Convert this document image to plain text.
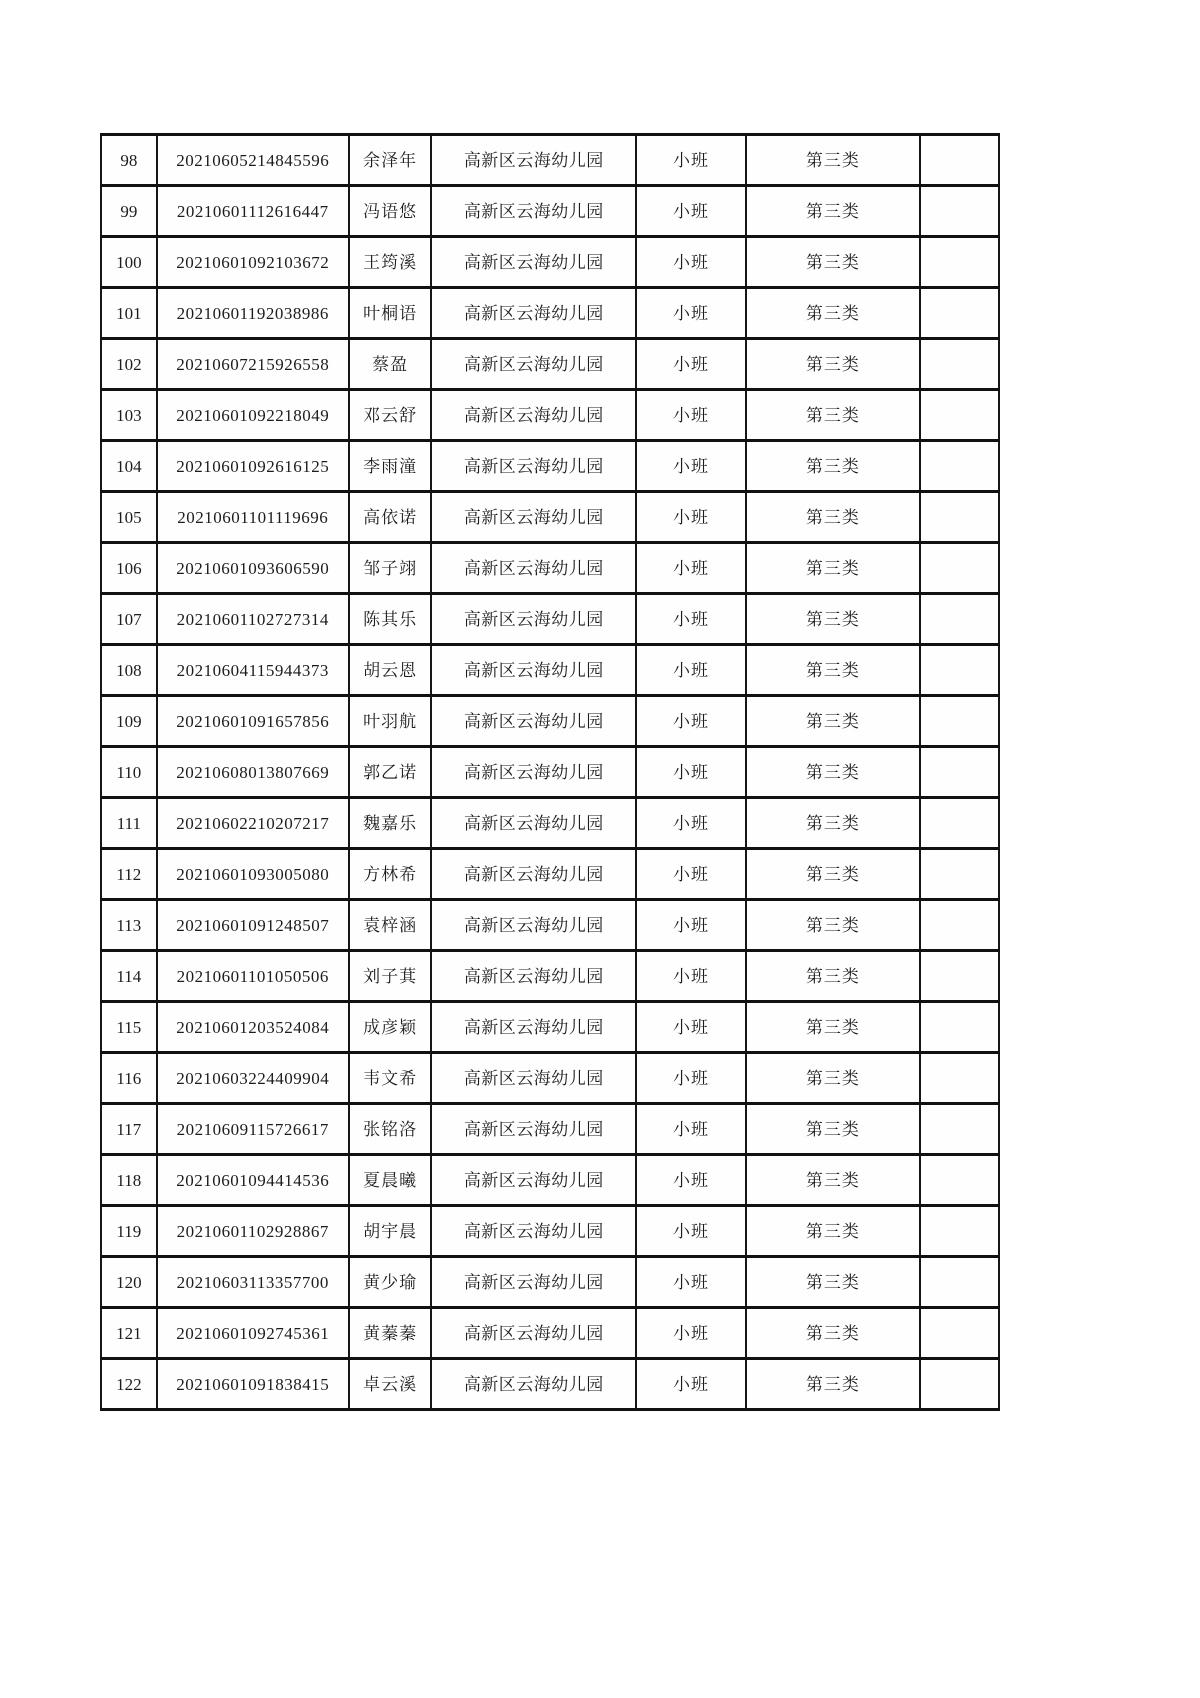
98	20210605214845596	余泽年	高新区云海幼儿园	小班	第三类	
99	20210601112616447	冯语悠	高新区云海幼儿园	小班	第三类	
100	20210601092103672	王筠溪	高新区云海幼儿园	小班	第三类	
101	20210601192038986	叶桐语	高新区云海幼儿园	小班	第三类	
102	20210607215926558	蔡盈	高新区云海幼儿园	小班	第三类	
103	20210601092218049	邓云舒	高新区云海幼儿园	小班	第三类	
104	20210601092616125	李雨潼	高新区云海幼儿园	小班	第三类	
105	20210601101119696	高依诺	高新区云海幼儿园	小班	第三类	
106	20210601093606590	邹子翊	高新区云海幼儿园	小班	第三类	
107	20210601102727314	陈其乐	高新区云海幼儿园	小班	第三类	
108	20210604115944373	胡云恩	高新区云海幼儿园	小班	第三类	
109	20210601091657856	叶羽航	高新区云海幼儿园	小班	第三类	
110	20210608013807669	郭乙诺	高新区云海幼儿园	小班	第三类	
111	20210602210207217	魏嘉乐	高新区云海幼儿园	小班	第三类	
112	20210601093005080	方林希	高新区云海幼儿园	小班	第三类	
113	20210601091248507	袁梓涵	高新区云海幼儿园	小班	第三类	
114	20210601101050506	刘子萁	高新区云海幼儿园	小班	第三类	
115	20210601203524084	成彦颖	高新区云海幼儿园	小班	第三类	
116	20210603224409904	韦文希	高新区云海幼儿园	小班	第三类	
117	20210609115726617	张铭洛	高新区云海幼儿园	小班	第三类	
118	20210601094414536	夏晨曦	高新区云海幼儿园	小班	第三类	
119	20210601102928867	胡宇晨	高新区云海幼儿园	小班	第三类	
120	20210603113357700	黄少瑜	高新区云海幼儿园	小班	第三类	
121	20210601092745361	黄蓁蓁	高新区云海幼儿园	小班	第三类	
122	20210601091838415	卓云溪	高新区云海幼儿园	小班	第三类	
